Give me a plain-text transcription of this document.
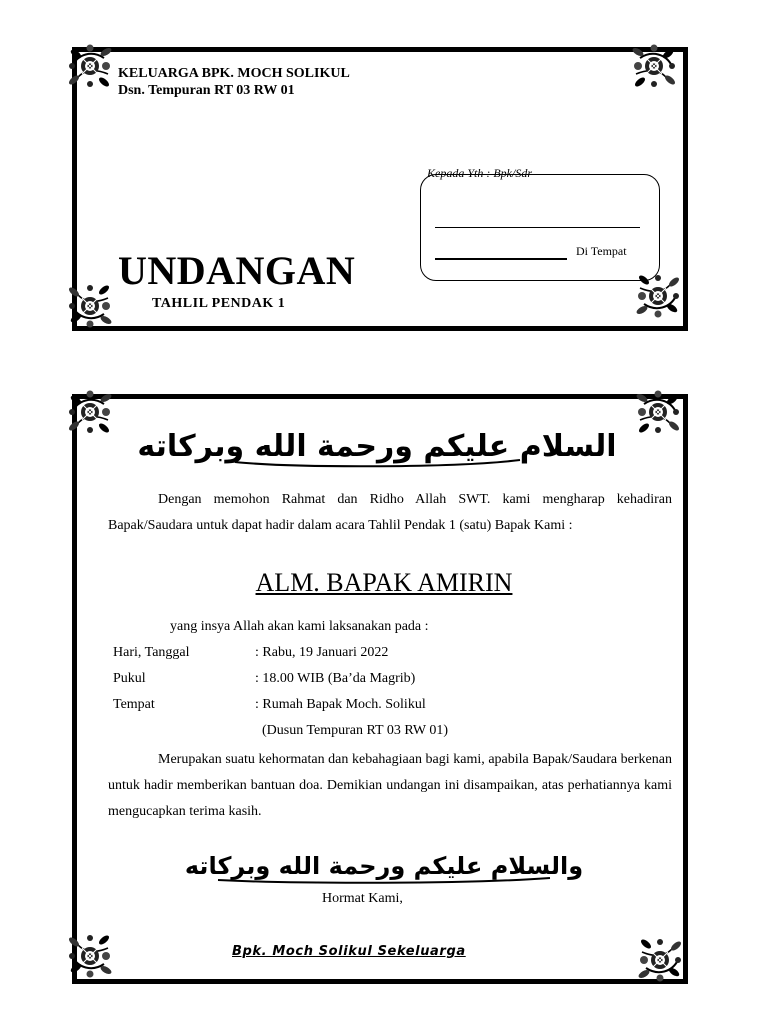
KELUARGA BPK. MOCH SOLIKUL
Dsn. Tempuran RT 03 RW 01
Kepada Yth : Bpk/Sdr
Di Tempat
UNDANGAN
TAHLIL PENDAK 1
السلام عليكم ورحمة الله وبركاته

Dengan memohon Rahmat dan Ridho Allah SWT. kami mengharap kehadiran Bapak/Saudara untuk dapat hadir dalam acara Tahlil Pendak 1 (satu) Bapak Kami :

ALM. BAPAK AMIRIN
yang insya Allah akan kami laksanakan pada :
Hari, Tanggal	: Rabu, 19 Januari 2022
Pukul	: 18.00 WIB (Ba’da Magrib)
Tempat	: Rumah Bapak Moch. Solikul
(Dusun Tempuran RT 03 RW 01)

Merupakan suatu kehormatan dan kebahagiaan bagi kami, apabila Bapak/Saudara berkenan untuk hadir memberikan bantuan doa. Demikian undangan ini disampaikan, atas perhatiannya kami mengucapkan terima kasih.

والسلام عليكم ورحمة الله وبركاته
Hormat Kami,
Bpk. Moch Solikul Sekeluarga
